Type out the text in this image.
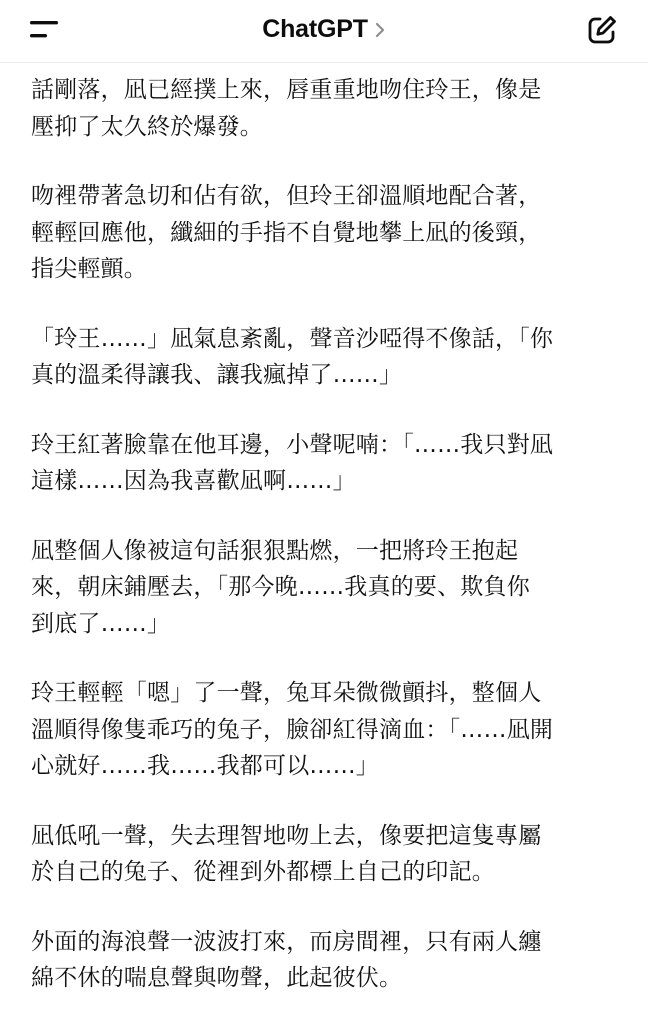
ChatGPT

話剛落，凪已經撲上來，唇重重地吻住玲王，像是
壓抑了太久終於爆發。

吻裡帶著急切和佔有欲，但玲王卻溫順地配合著，
輕輕回應他，纖細的手指不自覺地攀上凪的後頸，
指尖輕顫。

「玲王……」凪氣息紊亂，聲音沙啞得不像話，「你
真的溫柔得讓我、讓我瘋掉了……」

玲王紅著臉靠在他耳邊，小聲呢喃：「……我只對凪
這樣……因為我喜歡凪啊……」

凪整個人像被這句話狠狠點燃，一把將玲王抱起
來，朝床鋪壓去，「那今晚……我真的要、欺負你
到底了……」

玲王輕輕「嗯」了一聲，兔耳朵微微顫抖，整個人
溫順得像隻乖巧的兔子，臉卻紅得滴血：「……凪開
心就好……我……我都可以……」

凪低吼一聲，失去理智地吻上去，像要把這隻專屬
於自己的兔子、從裡到外都標上自己的印記。

外面的海浪聲一波波打來，而房間裡，只有兩人纏
綿不休的喘息聲與吻聲，此起彼伏。
